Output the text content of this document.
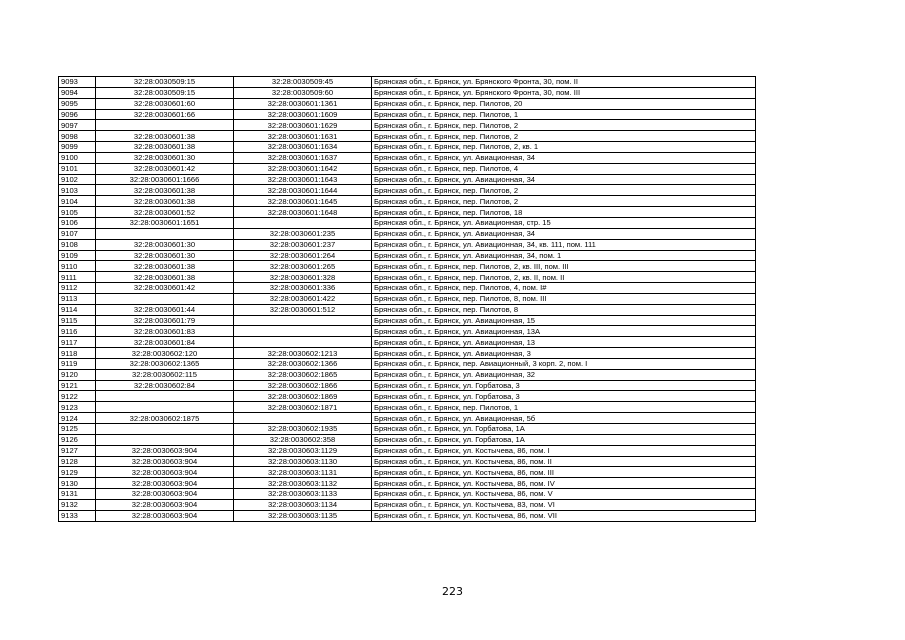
9093	32:28:0030509:15	32:28:0030509:45	Брянская обл., г. Брянск, ул. Брянского Фронта, 30, пом. II
9094	32:28:0030509:15	32:28:0030509:60	Брянская обл., г. Брянск, ул. Брянского Фронта, 30, пом. III
9095	32:28:0030601:60	32:28:0030601:1361	Брянская обл., г. Брянск, пер. Пилотов, 20
9096	32:28:0030601:66	32:28:0030601:1609	Брянская обл., г. Брянск, пер. Пилотов, 1
9097		32:28:0030601:1629	Брянская обл., г. Брянск, пер. Пилотов, 2
9098	32:28:0030601:38	32:28:0030601:1631	Брянская обл., г. Брянск, пер. Пилотов, 2
9099	32:28:0030601:38	32:28:0030601:1634	Брянская обл., г. Брянск, пер. Пилотов, 2, кв. 1
9100	32:28:0030601:30	32:28:0030601:1637	Брянская обл., г. Брянск, ул. Авиационная, 34
9101	32:28:0030601:42	32:28:0030601:1642	Брянская обл., г. Брянск, пер. Пилотов, 4
9102	32:28:0030601:1666	32:28:0030601:1643	Брянская обл., г. Брянск, ул. Авиационная, 34
9103	32:28:0030601:38	32:28:0030601:1644	Брянская обл., г. Брянск, пер. Пилотов, 2
9104	32:28:0030601:38	32:28:0030601:1645	Брянская обл., г. Брянск, пер. Пилотов, 2
9105	32:28:0030601:52	32:28:0030601:1648	Брянская обл., г. Брянск, пер. Пилотов, 18
9106	32:28:0030601:1651		Брянская обл., г. Брянск, ул. Авиационная, стр. 15
9107		32:28:0030601:235	Брянская обл., г. Брянск, ул. Авиационная, 34
9108	32:28:0030601:30	32:28:0030601:237	Брянская обл., г. Брянск, ул. Авиационная, 34, кв. 111, пом. 111
9109	32:28:0030601:30	32:28:0030601:264	Брянская обл., г. Брянск, ул. Авиационная, 34, пом. 1
9110	32:28:0030601:38	32:28:0030601:265	Брянская обл., г. Брянск, пер. Пилотов, 2, кв. III, пом. III
9111	32:28:0030601:38	32:28:0030601:328	Брянская обл., г. Брянск, пер. Пилотов, 2, кв. II, пом. II
9112	32:28:0030601:42	32:28:0030601:336	Брянская обл., г. Брянск, пер. Пилотов, 4, пом. I#
9113		32:28:0030601:422	Брянская обл., г. Брянск, пер. Пилотов, 8, пом. III
9114	32:28:0030601:44	32:28:0030601:512	Брянская обл., г. Брянск, пер. Пилотов, 8
9115	32:28:0030601:79		Брянская обл., г. Брянск, ул. Авиационная, 15
9116	32:28:0030601:83		Брянская обл., г. Брянск, ул. Авиационная, 13А
9117	32:28:0030601:84		Брянская обл., г. Брянск, ул. Авиационная, 13
9118	32:28:0030602:120	32:28:0030602:1213	Брянская обл., г. Брянск, ул. Авиационная, 3
9119	32:28:0030602:1365	32:28:0030602:1366	Брянская обл., г. Брянск, пер. Авиационный, 3 корп. 2, пом. I
9120	32:28:0030602:115	32:28:0030602:1865	Брянская обл., г. Брянск, ул. Авиационная, 32
9121	32:28:0030602:84	32:28:0030602:1866	Брянская обл., г. Брянск, ул. Горбатова, 3
9122		32:28:0030602:1869	Брянская обл., г. Брянск, ул. Горбатова, 3
9123		32:28:0030602:1871	Брянская обл., г. Брянск, пер. Пилотов, 1
9124	32:28:0030602:1875		Брянская обл., г. Брянск, ул. Авиационная, 5б
9125		32:28:0030602:1935	Брянская обл., г. Брянск, ул. Горбатова, 1А
9126		32:28:0030602:358	Брянская обл., г. Брянск, ул. Горбатова, 1А
9127	32:28:0030603:904	32:28:0030603:1129	Брянская обл., г. Брянск, ул. Костычева, 86, пом. I
9128	32:28:0030603:904	32:28:0030603:1130	Брянская обл., г. Брянск, ул. Костычева, 86, пом. II
9129	32:28:0030603:904	32:28:0030603:1131	Брянская обл., г. Брянск, ул. Костычева, 86, пом. III
9130	32:28:0030603:904	32:28:0030603:1132	Брянская обл., г. Брянск, ул. Костычева, 86, пом. IV
9131	32:28:0030603:904	32:28:0030603:1133	Брянская обл., г. Брянск, ул. Костычева, 86, пом. V
9132	32:28:0030603:904	32:28:0030603:1134	Брянская обл., г. Брянск, ул. Костычева, 83, пом. VI
9133	32:28:0030603:904	32:28:0030603:1135	Брянская обл., г. Брянск, ул. Костычева, 86, пом. VII
223
